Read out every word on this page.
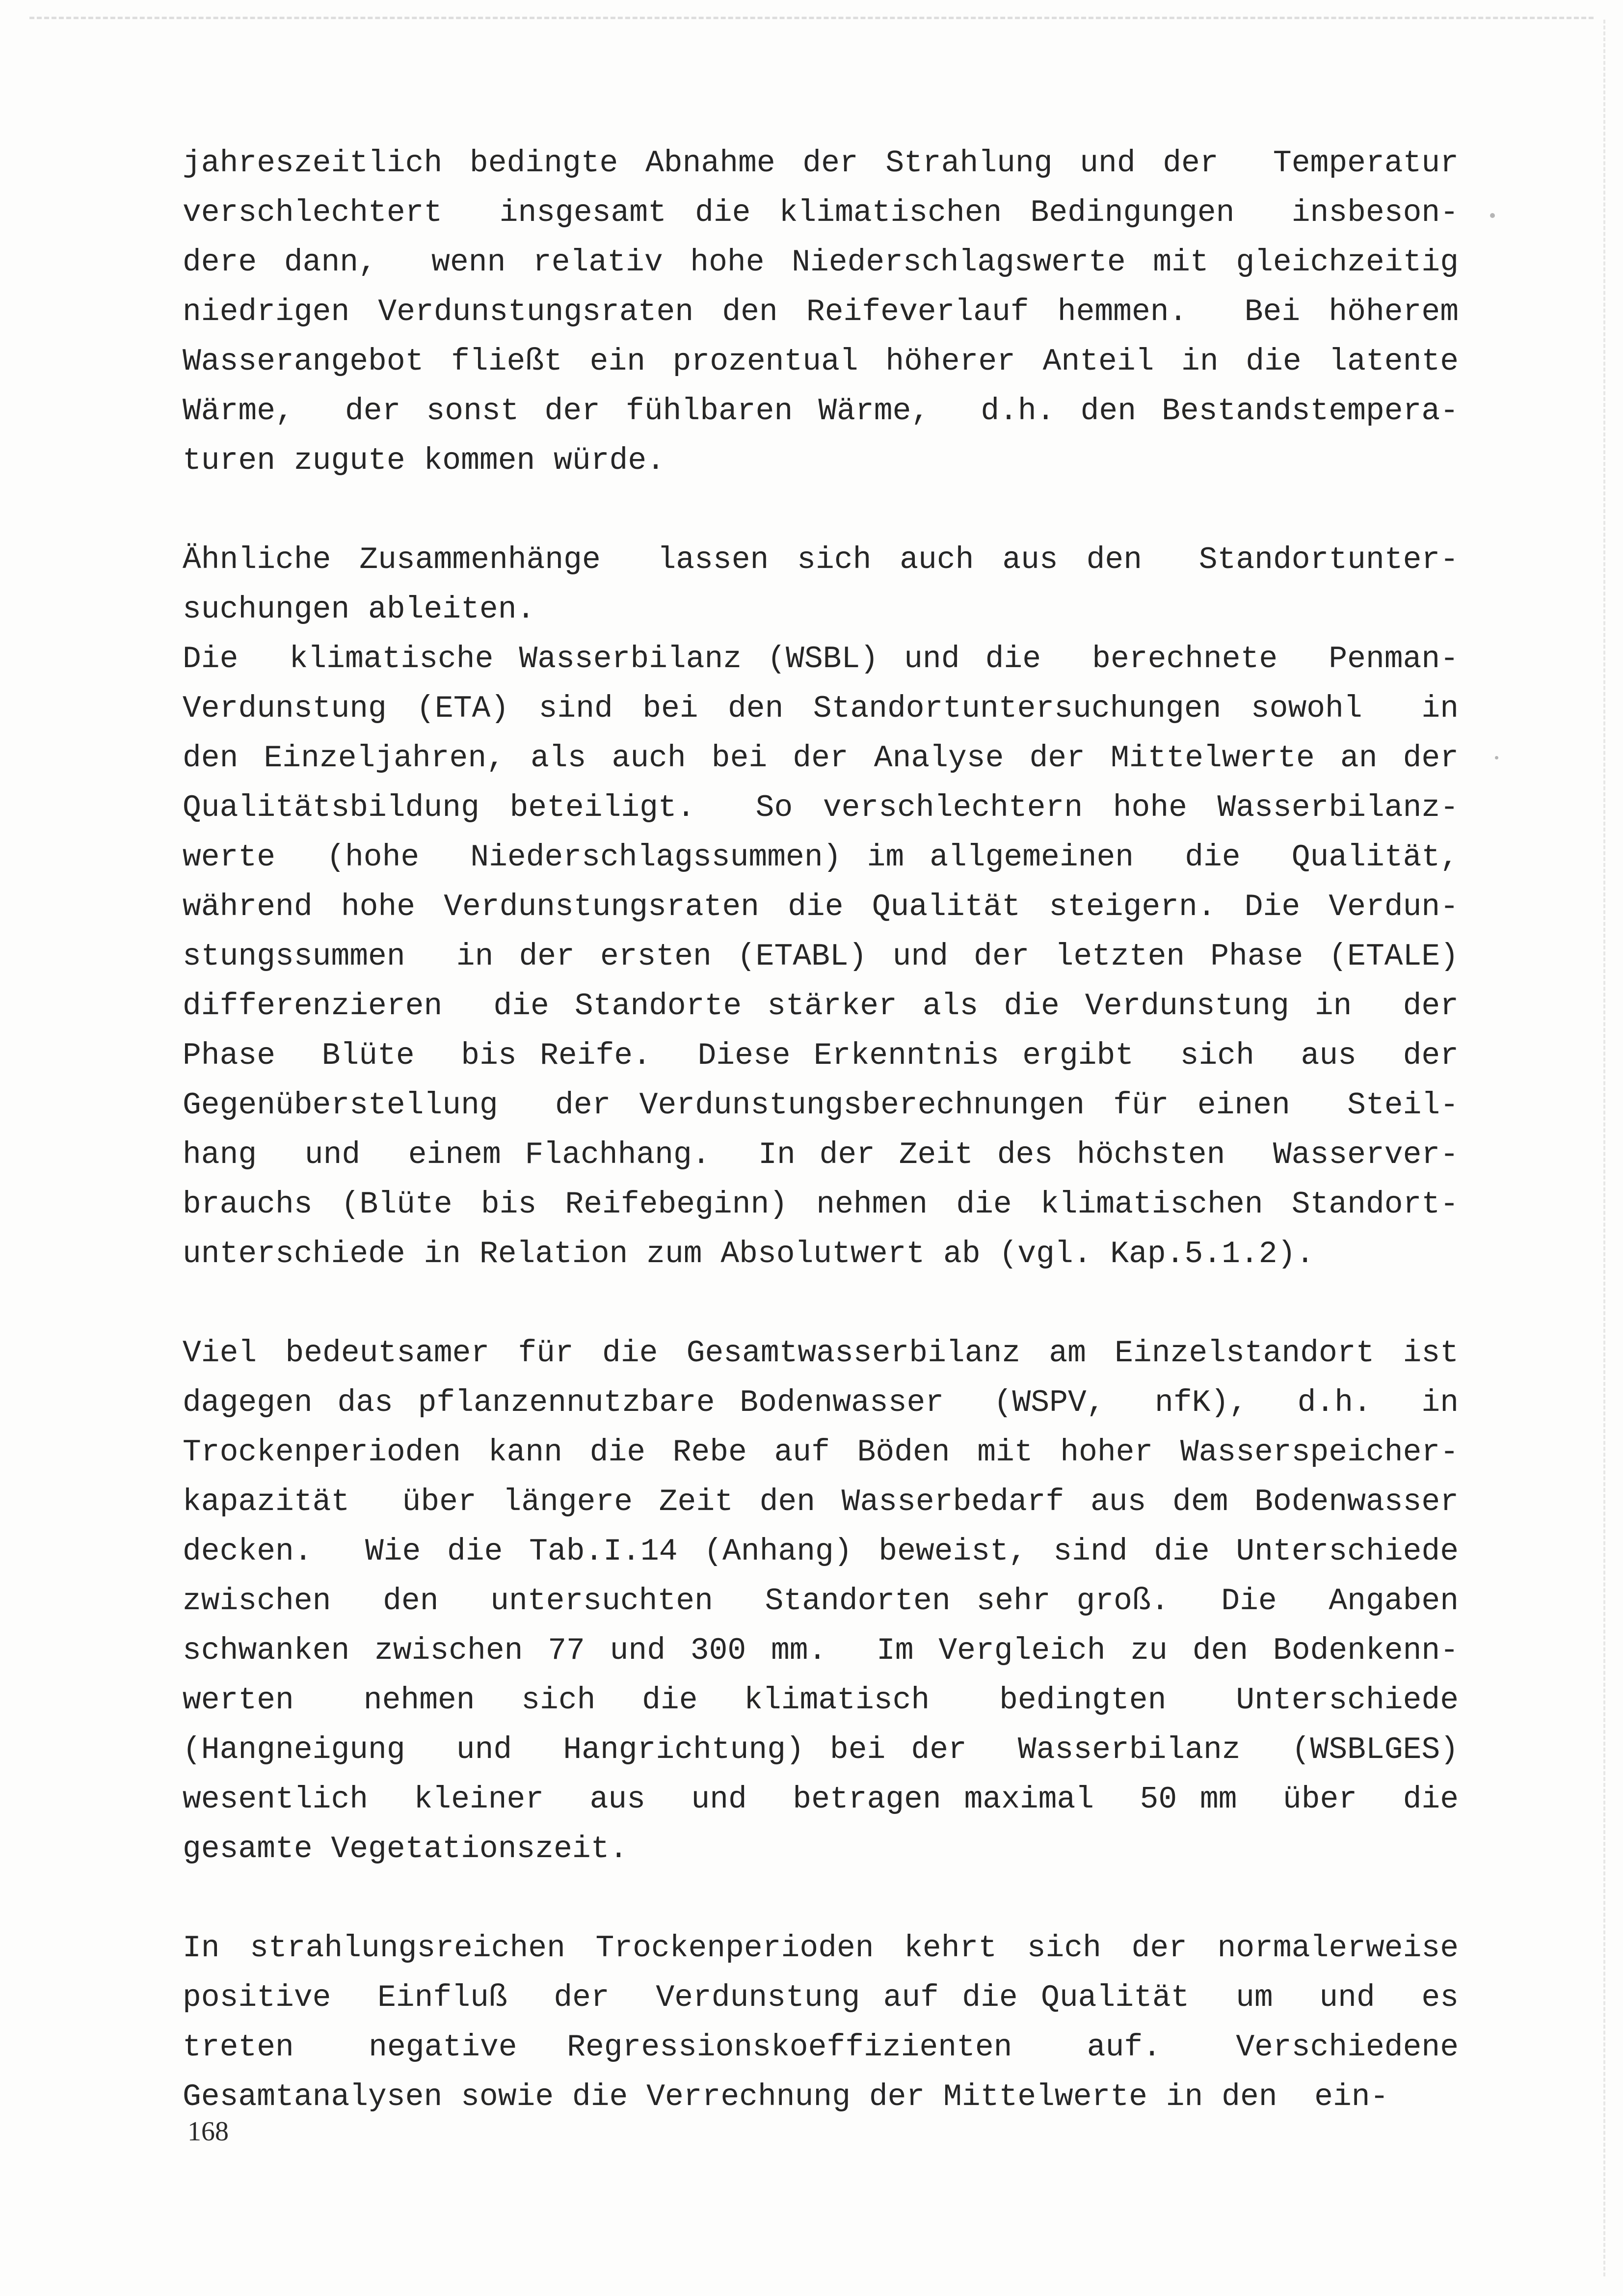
jahreszeitlich bedingte Abnahme der Strahlung und der  Temperatur
verschlechtert  insgesamt die klimatischen Bedingungen  insbeson-
dere dann,  wenn relativ hohe Niederschlagswerte mit gleichzeitig
niedrigen Verdunstungsraten den Reifeverlauf hemmen.  Bei höherem
Wasserangebot fließt ein prozentual höherer Anteil in die latente
Wärme,  der sonst der fühlbaren Wärme,  d.h. den Bestandstempera-
turen zugute kommen würde.
Ähnliche Zusammenhänge  lassen sich auch aus den  Standortunter-
suchungen ableiten.
Die  klimatische Wasserbilanz (WSBL) und die  berechnete  Penman-
Verdunstung (ETA) sind bei den Standortuntersuchungen sowohl  in
den Einzeljahren, als auch bei der Analyse der Mittelwerte an der
Qualitätsbildung beteiligt.  So verschlechtern hohe Wasserbilanz-
werte  (hohe  Niederschlagssummen) im allgemeinen  die  Qualität,
während hohe Verdunstungsraten die Qualität steigern. Die Verdun-
stungssummen  in der ersten (ETABL) und der letzten Phase (ETALE)
differenzieren  die Standorte stärker als die Verdunstung in  der
Phase  Blüte  bis Reife.  Diese Erkenntnis ergibt  sich  aus  der
Gegenüberstellung  der Verdunstungsberechnungen für einen  Steil-
hang  und  einem Flachhang.  In der Zeit des höchsten  Wasserver-
brauchs (Blüte bis Reifebeginn) nehmen die klimatischen Standort-
unterschiede in Relation zum Absolutwert ab (vgl. Kap.5.1.2).
Viel bedeutsamer für die Gesamtwasserbilanz am Einzelstandort ist
dagegen das pflanzennutzbare Bodenwasser  (WSPV,  nfK),  d.h.  in
Trockenperioden kann die Rebe auf Böden mit hoher Wasserspeicher-
kapazität  über längere Zeit den Wasserbedarf aus dem Bodenwasser
decken.  Wie die Tab.I.14 (Anhang) beweist, sind die Unterschiede
zwischen  den  untersuchten  Standorten sehr groß.  Die  Angaben
schwanken zwischen 77 und 300 mm.  Im Vergleich zu den Bodenkenn-
werten   nehmen  sich  die  klimatisch   bedingten   Unterschiede
(Hangneigung  und  Hangrichtung) bei der  Wasserbilanz  (WSBLGES)
wesentlich  kleiner  aus  und  betragen maximal  50 mm  über  die
gesamte Vegetationszeit.
In strahlungsreichen Trockenperioden kehrt sich der normalerweise
positive  Einfluß  der  Verdunstung auf die Qualität  um  und  es
treten   negative  Regressionskoeffizienten   auf.   Verschiedene
Gesamtanalysen sowie die Verrechnung der Mittelwerte in den  ein-
168
